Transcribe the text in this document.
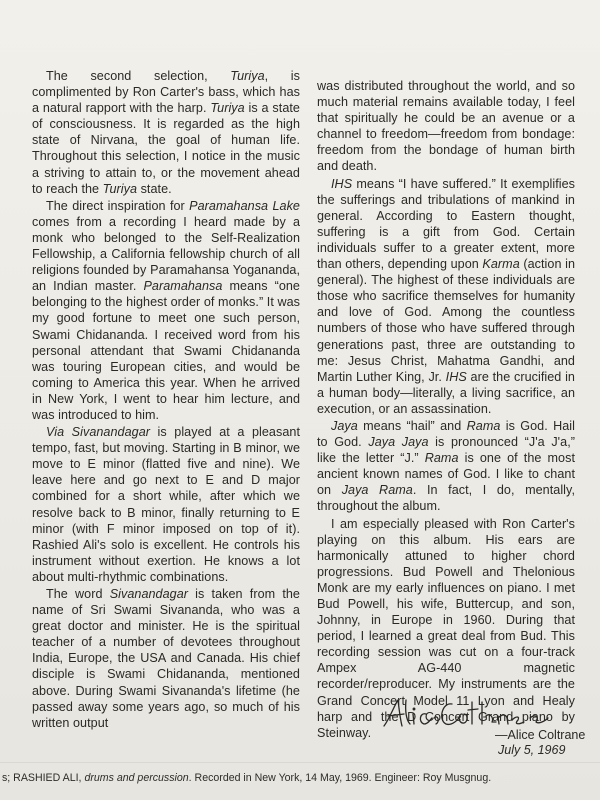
The second selection, Turiya, is complimented by Ron Carter's bass, which has a natural rapport with the harp. Turiya is a state of consciousness. It is regarded as the high state of Nirvana, the goal of human life. Throughout this selection, I notice in the music a striving to attain to, or the movement ahead to reach the Turiya state.

The direct inspiration for Paramahansa Lake comes from a recording I heard made by a monk who belonged to the Self-Realization Fellowship, a California fellowship church of all religions founded by Paramahansa Yogananda, an Indian master. Paramahansa means “one belonging to the highest order of monks.” It was my good fortune to meet one such person, Swami Chidananda. I received word from his personal attendant that Swami Chidananda was touring European cities, and would be coming to America this year. When he arrived in New York, I went to hear him lecture, and was introduced to him.

Via Sivanandagar is played at a pleasant tempo, fast, but moving. Starting in B minor, we move to E minor (flatted five and nine). We leave here and go next to E and D major combined for a short while, after which we resolve back to B minor, finally returning to E minor (with F minor imposed on top of it). Rashied Ali's solo is excellent. He controls his instrument without exertion. He knows a lot about multi-rhythmic combinations.

The word Sivanandagar is taken from the name of Sri Swami Sivananda, who was a great doctor and minister. He is the spiritual teacher of a number of devotees throughout India, Europe, the USA and Canada. His chief disciple is Swami Chidananda, mentioned above. During Swami Sivananda's lifetime (he passed away some years ago, so much of his written output

was distributed throughout the world, and so much material remains available today, I feel that spiritually he could be an avenue or a channel to freedom—freedom from bondage: freedom from the bondage of human birth and death.

IHS means “I have suffered.” It exemplifies the sufferings and tribulations of mankind in general. According to Eastern thought, suffering is a gift from God. Certain individuals suffer to a greater extent, more than others, depending upon Karma (action in general). The highest of these individuals are those who sacrifice themselves for humanity and love of God. Among the countless numbers of those who have suffered through generations past, three are outstanding to me: Jesus Christ, Mahatma Gandhi, and Martin Luther King, Jr. IHS are the crucified in a human body—literally, a living sacrifice, an execution, or an assassination.

Jaya means “hail” and Rama is God. Hail to God. Jaya Jaya is pronounced “J'a J'a,” like the letter “J.” Rama is one of the most ancient known names of God. I like to chant on Jaya Rama. In fact, I do, mentally, throughout the album.

I am especially pleased with Ron Carter's playing on this album. His ears are harmonically attuned to higher chord progressions. Bud Powell and Thelonious Monk are my early influences on piano. I met Bud Powell, his wife, Buttercup, and son, Johnny, in Europe in 1960. During that period, I learned a great deal from Bud. This recording session was cut on a four-track Ampex AG-440 magnetic recorder/reproducer. My instruments are the Grand Concert Model 11 Lyon and Healy harp and the D Concert Grand piano by Steinway.	—Alice Coltrane
July 5, 1969
s; RASHIED ALI, drums and percussion. Recorded in New York, 14 May, 1969. Engineer: Roy Musgnug.
